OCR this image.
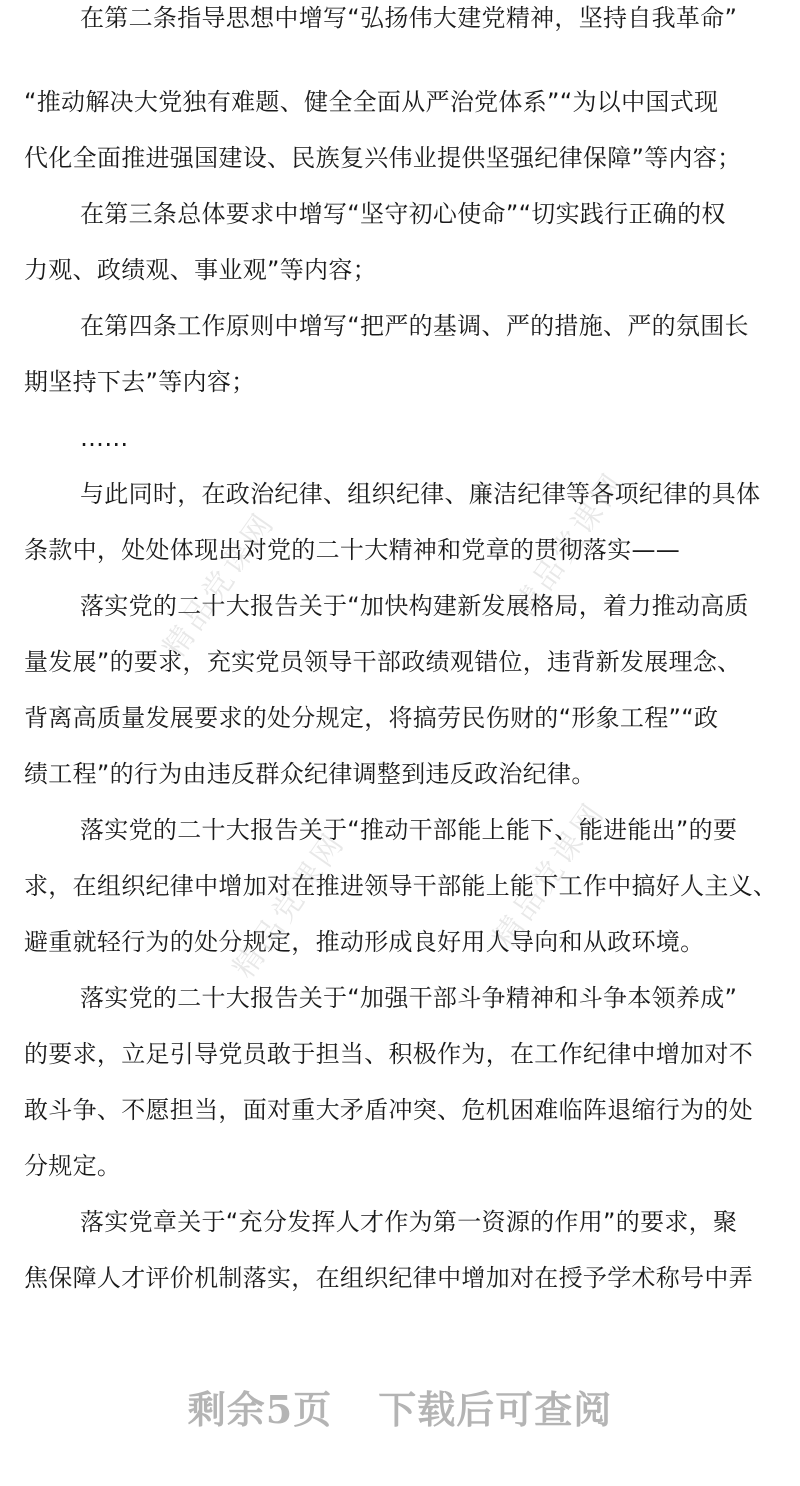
精品党课网	精品党课网
精品党课网	精品党课网
在第二条指导思想中增写“弘扬伟大建党精神，坚持自我革命”
“推动解决大党独有难题、健全全面从严治党体系”“为以中国式现
代化全面推进强国建设、民族复兴伟业提供坚强纪律保障”等内容；
在第三条总体要求中增写“坚守初心使命”“切实践行正确的权
力观、政绩观、事业观”等内容；
在第四条工作原则中增写“把严的基调、严的措施、严的氛围长
期坚持下去”等内容；
……
与此同时，在政治纪律、组织纪律、廉洁纪律等各项纪律的具体
条款中，处处体现出对党的二十大精神和党章的贯彻落实——
落实党的二十大报告关于“加快构建新发展格局，着力推动高质
量发展”的要求，充实党员领导干部政绩观错位，违背新发展理念、
背离高质量发展要求的处分规定，将搞劳民伤财的“形象工程”“政
绩工程”的行为由违反群众纪律调整到违反政治纪律。
落实党的二十大报告关于“推动干部能上能下、能进能出”的要
求，在组织纪律中增加对在推进领导干部能上能下工作中搞好人主义、
避重就轻行为的处分规定，推动形成良好用人导向和从政环境。
落实党的二十大报告关于“加强干部斗争精神和斗争本领养成”
的要求，立足引导党员敢于担当、积极作为，在工作纪律中增加对不
敢斗争、不愿担当，面对重大矛盾冲突、危机困难临阵退缩行为的处
分规定。
落实党章关于“充分发挥人才作为第一资源的作用”的要求，聚
焦保障人才评价机制落实，在组织纪律中增加对在授予学术称号中弄
剩余5页 下载后可查阅
